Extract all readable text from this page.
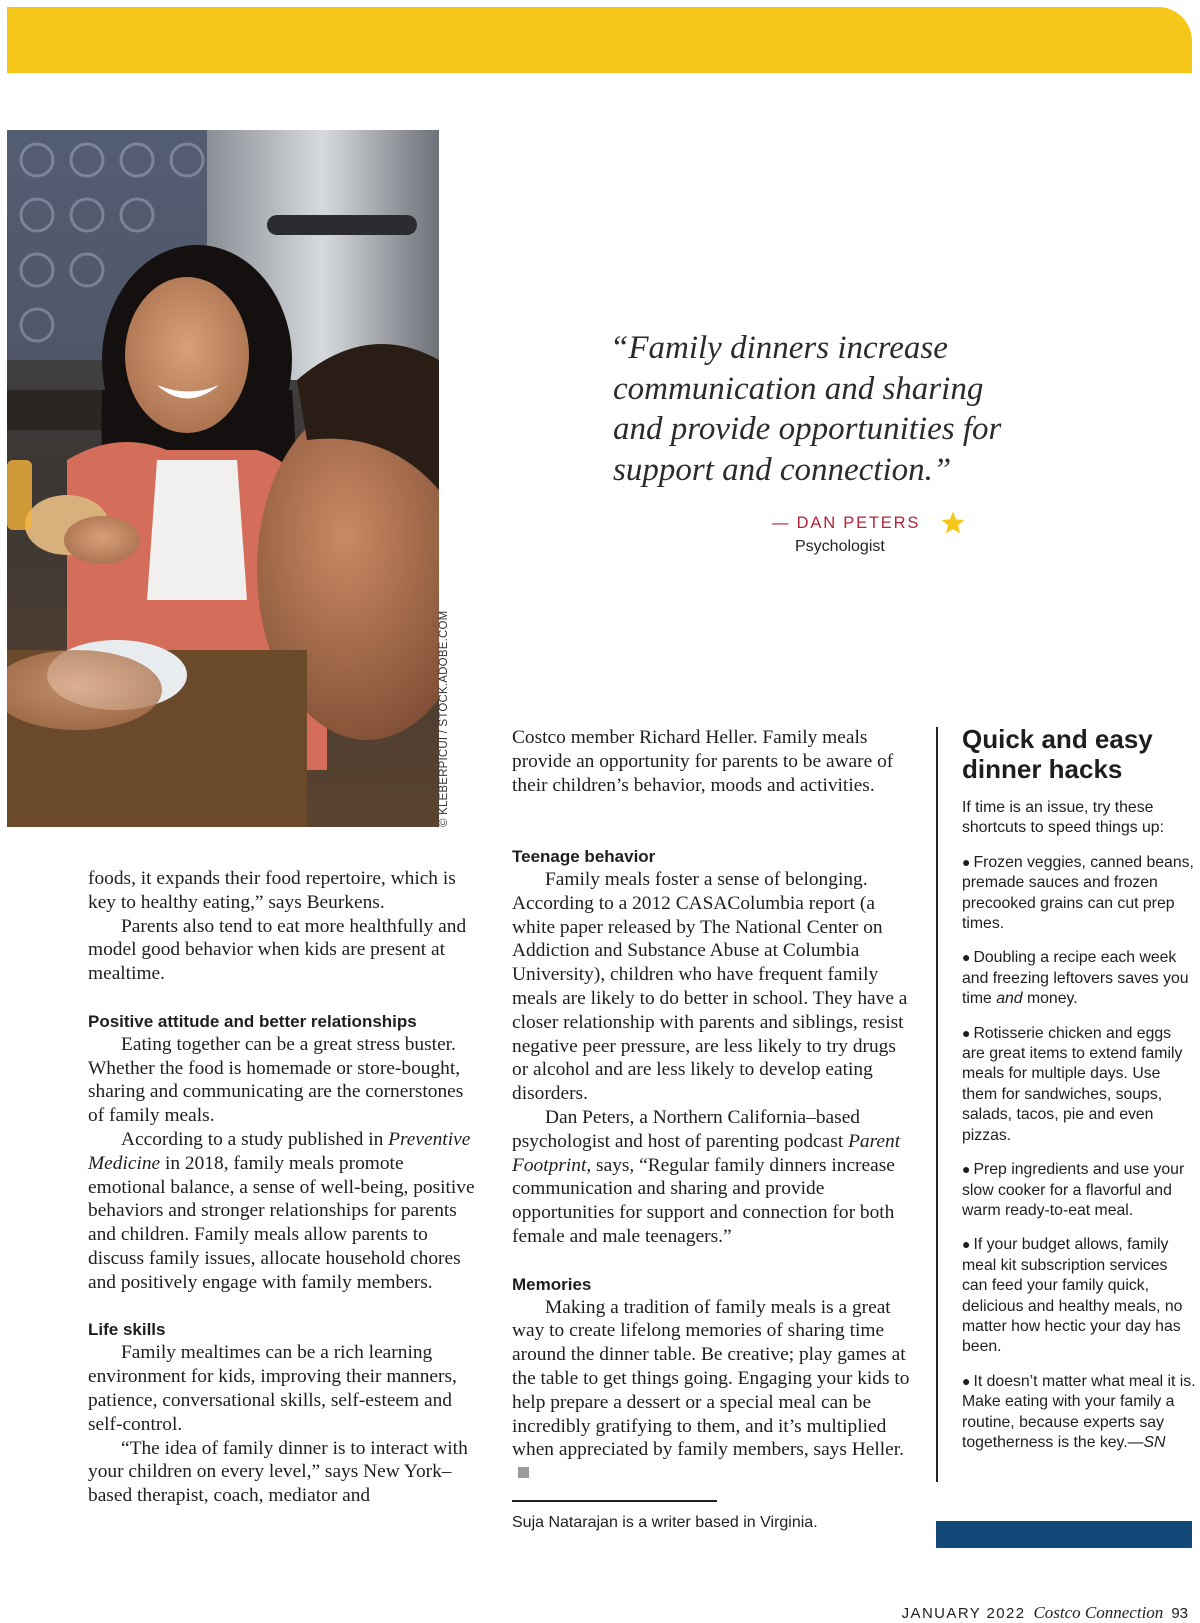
© KLEBERPICUI / STOCK.ADOBE.COM

“Family dinners increase

communication and sharing

and provide opportunities for

support and connection.”

— DAN PETERS
Psychologist

foods, it expands their food repertoire, which is key to healthy eating,” says Beurkens.

Parents also tend to eat more healthfully and model good behavior when kids are present at mealtime.

Positive attitude and better relationships

Eating together can be a great stress buster. Whether the food is homemade or store-bought, sharing and communicating are the cornerstones of family meals.

According to a study published in Preventive Medicine in 2018, family meals promote emotional balance, a sense of well-being, positive behaviors and stronger relationships for parents and children. Family meals allow parents to discuss family issues, allocate household chores and positively engage with family members.

Life skills

Family mealtimes can be a rich learning environment for kids, improving their manners, patience, conversational skills, self-esteem and self-control.

“The idea of family dinner is to interact with your children on every level,” says New York–based therapist, coach, mediator and

Costco member Richard Heller. Family meals provide an opportunity for parents to be aware of their children’s behavior, moods and activities.

Teenage behavior

Family meals foster a sense of belonging. According to a 2012 CASAColumbia report (a white paper released by The National Center on Addiction and Substance Abuse at Columbia University), children who have frequent family meals are likely to do better in school. They have a closer relationship with parents and siblings, resist negative peer pressure, are less likely to try drugs or alcohol and are less likely to develop eating disorders.

Dan Peters, a Northern California–based psychologist and host of parenting podcast Parent Footprint, says, “Regular family dinners increase communication and sharing and provide opportunities for support and connection for both female and male teenagers.”

Memories

Making a tradition of family meals is a great way to create lifelong memories of sharing time around the dinner table. Be creative; play games at the table to get things going. Engaging your kids to help prepare a dessert or a special meal can be incredibly gratifying to them, and it’s multiplied when appreciated by family members, says Heller.

Suja Natarajan is a writer based in Virginia.
Quick and easy dinner hacks

If time is an issue, try these shortcuts to speed things up:

● Frozen veggies, canned beans, premade sauces and frozen precooked grains can cut prep times.
● Doubling a recipe each week and freezing leftovers saves you time and money.
● Rotisserie chicken and eggs are great items to extend family meals for multiple days. Use them for sandwiches, soups, salads, tacos, pie and even pizzas.
● Prep ingredients and use your slow cooker for a flavorful and warm ready-to-eat meal.
● If your budget allows, family meal kit subscription services can feed your family quick, delicious and healthy meals, no matter how hectic your day has been.
● It doesn’t matter what meal it is. Make eating with your family a routine, because experts say togetherness is the key.—SN
JANUARY 2022 Costco Connection 93
